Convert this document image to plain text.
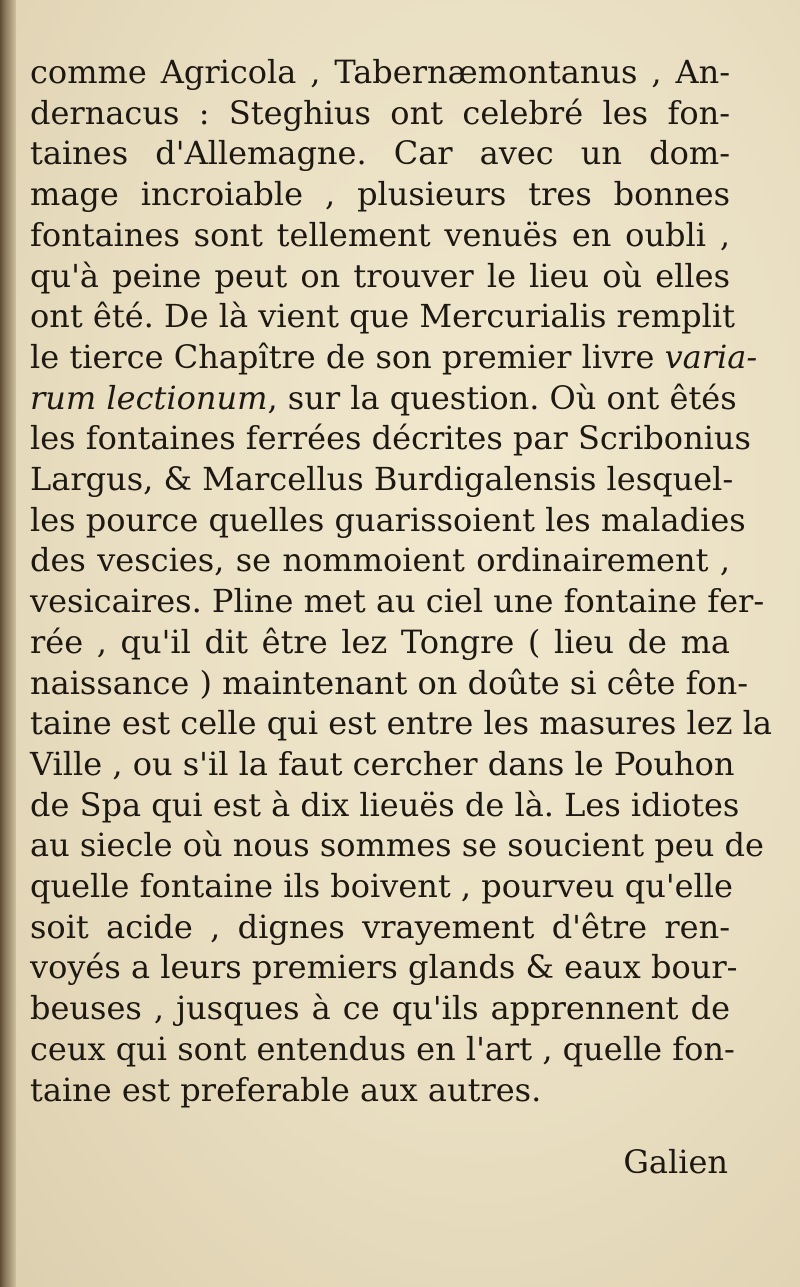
comme Agricola , Tabernæmontanus , An-
dernacus : Steghius ont celebré les fon-
taines d'Allemagne. Car avec un dom-
mage incroiable , plusieurs tres bonnes
fontaines sont tellement venuës en oubli ,
qu'à peine peut on trouver le lieu où elles
ont êté. De là vient que Mercurialis remplit
le tierce Chapître de son premier livre varia-
rum lectionum, sur la question. Où ont êtés
les fontaines ferrées décrites par Scribonius
Largus, & Marcellus Burdigalensis lesquel-
les pource quelles guarissoient les maladies
des vescies, se nommoient ordinairement ,
vesicaires. Pline met au ciel une fontaine fer-
rée , qu'il dit être lez Tongre ( lieu de ma
naissance ) maintenant on doûte si cête fon-
taine est celle qui est entre les masures lez la
Ville , ou s'il la faut cercher dans le Pouhon
de Spa qui est à dix lieuës de là. Les idiotes
au siecle où nous sommes se soucient peu de
quelle fontaine ils boivent , pourveu qu'elle
soit acide , dignes vrayement d'être ren-
voyés a leurs premiers glands & eaux bour-
beuses , jusques à ce qu'ils apprennent de
ceux qui sont entendus en l'art , quelle fon-
taine est preferable aux autres.
Galien
